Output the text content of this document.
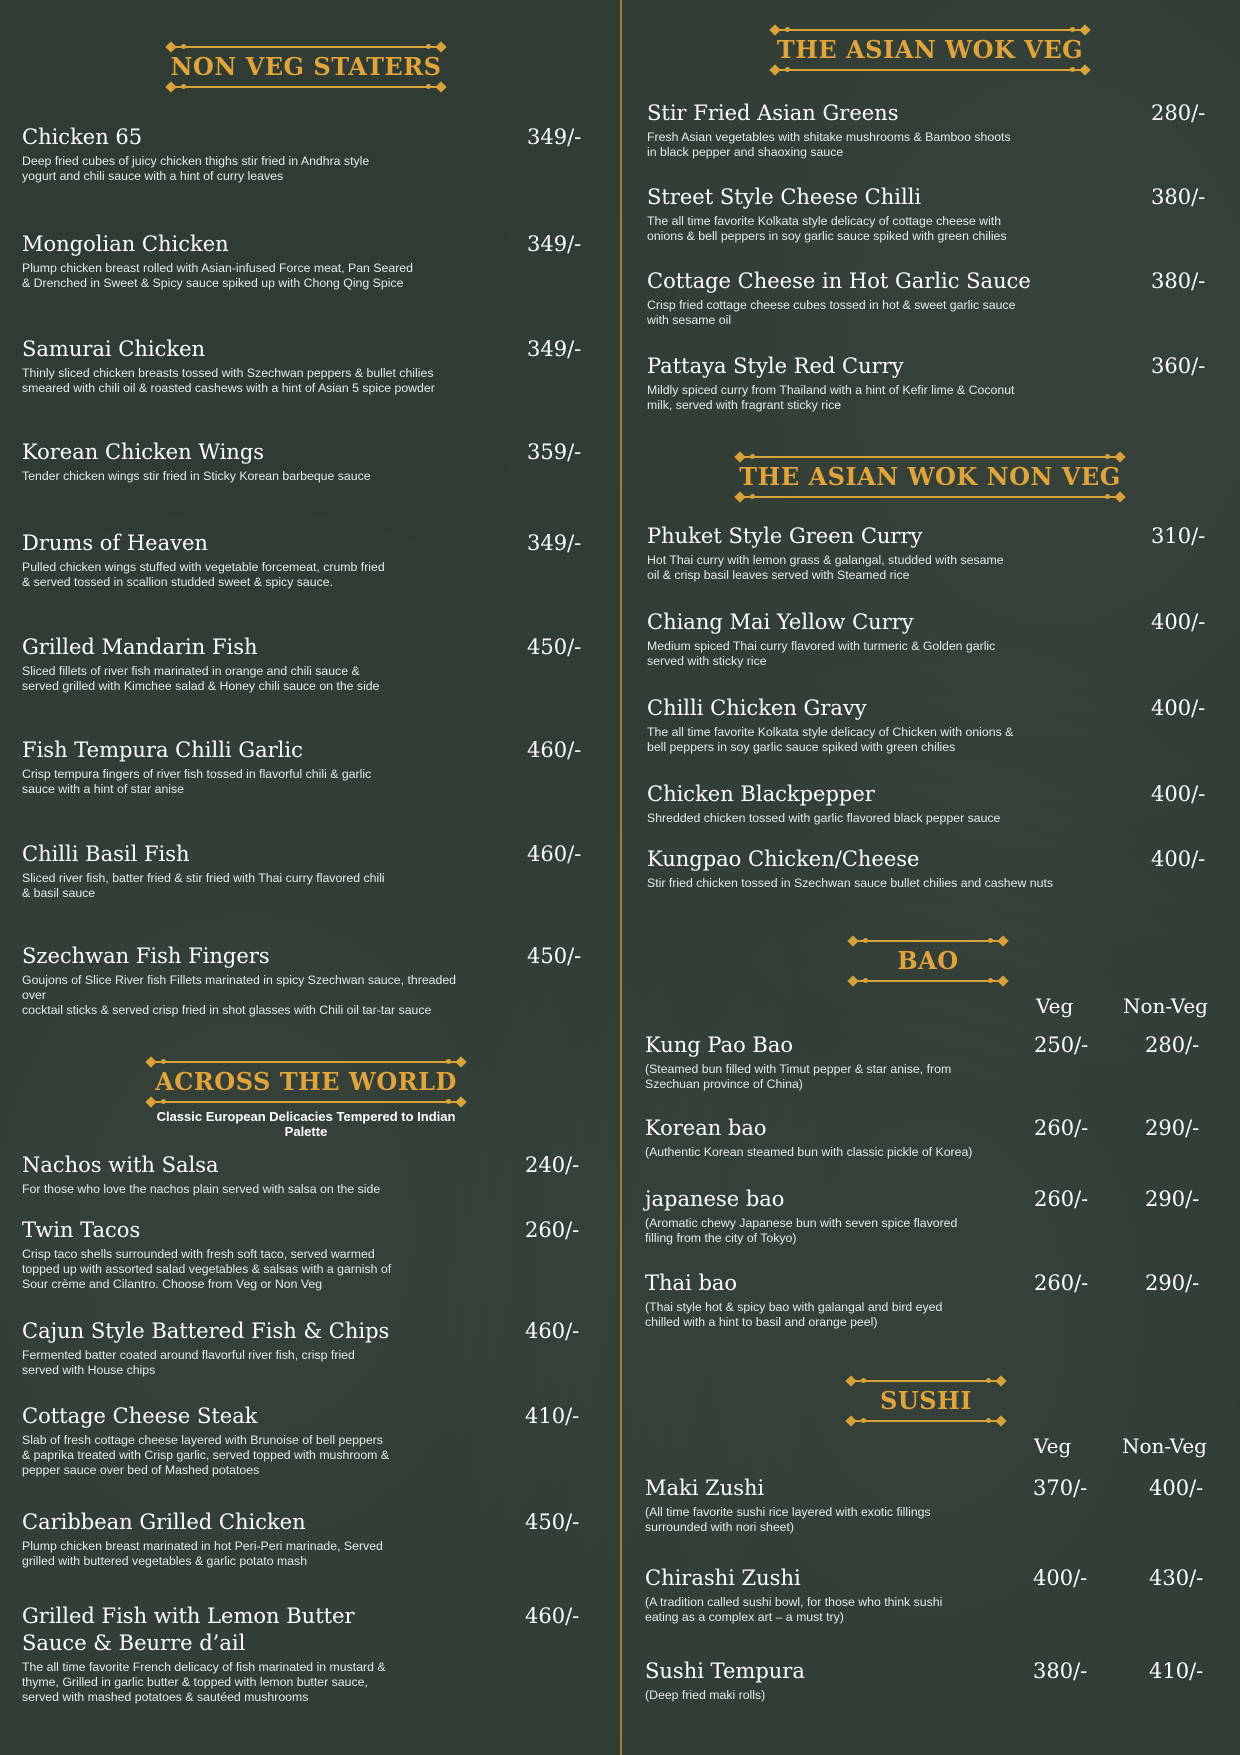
NON VEG STATERS
Chicken 65
Deep fried cubes of juicy chicken thighs stir fried in Andhra style
yogurt and chili sauce with a hint of curry leaves
349/-
Mongolian Chicken
Plump chicken breast rolled with Asian-infused Force meat, Pan Seared
& Drenched in Sweet & Spicy sauce spiked up with Chong Qing Spice
349/-
Samurai Chicken
Thinly sliced chicken breasts tossed with Szechwan peppers & bullet chilies
smeared with chili oil & roasted cashews with a hint of Asian 5 spice powder
349/-
Korean Chicken Wings
Tender chicken wings stir fried in Sticky Korean barbeque sauce
359/-
Drums of Heaven
Pulled chicken wings stuffed with vegetable forcemeat, crumb fried
& served tossed in scallion studded sweet & spicy sauce.
349/-
Grilled Mandarin Fish
Sliced fillets of river fish marinated in orange and chili sauce &
served grilled with Kimchee salad & Honey chili sauce on the side
450/-
Fish Tempura Chilli Garlic
Crisp tempura fingers of river fish tossed in flavorful chili & garlic
sauce with a hint of star anise
460/-
Chilli Basil Fish
Sliced river fish, batter fried & stir fried with Thai curry flavored chili
& basil sauce
460/-
Szechwan Fish Fingers
Goujons of Slice River fish Fillets marinated in spicy Szechwan sauce, threaded over
cocktail sticks & served crisp fried in shot glasses with Chili oil tar-tar sauce
450/-
ACROSS THE WORLD
Classic European Delicacies Tempered to Indian Palette
Nachos with Salsa
For those who love the nachos plain served with salsa on the side
240/-
Twin Tacos
Crisp taco shells surrounded with fresh soft taco, served warmed
topped up with assorted salad vegetables & salsas with a garnish of
Sour crème and Cilantro. Choose from Veg or Non Veg
260/-
Cajun Style Battered Fish & Chips
Fermented batter coated around flavorful river fish, crisp fried
served with House chips
460/-
Cottage Cheese Steak
Slab of fresh cottage cheese layered with Brunoise of bell peppers
& paprika treated with Crisp garlic, served topped with mushroom &
pepper sauce over bed of Mashed potatoes
410/-
Caribbean Grilled Chicken
Plump chicken breast marinated in hot Peri-Peri marinade, Served
grilled with buttered vegetables & garlic potato mash
450/-
Grilled Fish with Lemon Butter
Sauce & Beurre d’ail
The all time favorite French delicacy of fish marinated in mustard &
thyme, Grilled in garlic butter & topped with lemon butter sauce,
served with mashed potatoes & sautéed mushrooms
460/-
THE ASIAN WOK VEG
Stir Fried Asian Greens
Fresh Asian vegetables with shitake mushrooms & Bamboo shoots
in black pepper and shaoxing sauce
280/-
Street Style Cheese Chilli
The all time favorite Kolkata style delicacy of cottage cheese with
onions & bell peppers in soy garlic sauce spiked with green chilies
380/-
Cottage Cheese in Hot Garlic Sauce
Crisp fried cottage cheese cubes tossed in hot & sweet garlic sauce
with sesame oil
380/-
Pattaya Style Red Curry
Mildly spiced curry from Thailand with a hint of Kefir lime & Coconut
milk, served with fragrant sticky rice
360/-
THE ASIAN WOK NON VEG
Phuket Style Green Curry
Hot Thai curry with lemon grass & galangal, studded with sesame
oil & crisp basil leaves served with Steamed rice
310/-
Chiang Mai Yellow Curry
Medium spiced Thai curry flavored with turmeric & Golden garlic
served with sticky rice
400/-
Chilli Chicken Gravy
The all time favorite Kolkata style delicacy of Chicken with onions &
bell peppers in soy garlic sauce spiked with green chilies
400/-
Chicken Blackpepper
Shredded chicken tossed with garlic flavored black pepper sauce
400/-
Kungpao Chicken/Cheese
Stir fried chicken tossed in Szechwan sauce bullet chilies and cashew nuts
400/-
BAO
Veg Non-Veg
Kung Pao Bao
(Steamed bun filled with Timut pepper & star anise, from
Szechuan province of China)
250/-	280/-
Korean bao
(Authentic Korean steamed bun with classic pickle of Korea)
260/-	290/-
japanese bao
(Aromatic chewy Japanese bun with seven spice flavored
filling from the city of Tokyo)
260/-	290/-
Thai bao
(Thai style hot & spicy bao with galangal and bird eyed
chilled with a hint to basil and orange peel)
260/-	290/-
SUSHI
Veg	Non-Veg
Maki Zushi
(All time favorite sushi rice layered with exotic fillings
surrounded with nori sheet)
370/-	400/-
Chirashi Zushi
(A tradition called sushi bowl, for those who think sushi
eating as a complex art – a must try)
400/-	430/-
Sushi Tempura
(Deep fried maki rolls)
380/-	410/-
